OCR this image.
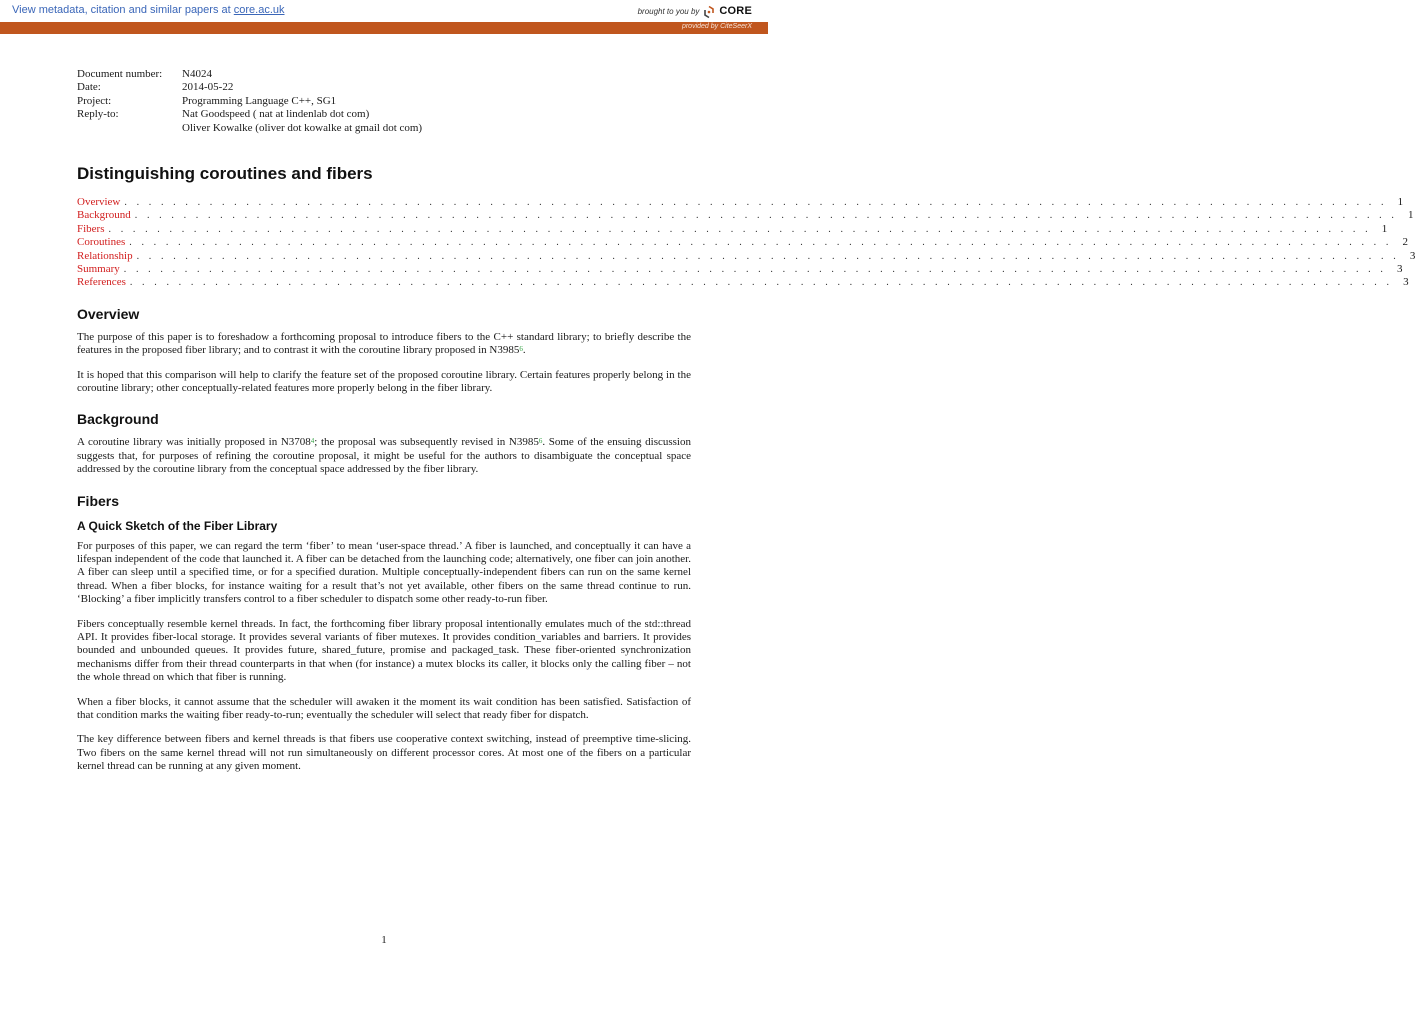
View metadata, citation and similar papers at core.ac.uk	brought to you by CORE
provided by CiteSeerX
Document number:	N4024
Date:	2014-05-22
Project:	Programming Language C++, SG1
Reply-to:	Nat Goodspeed ( nat at lindenlab dot com)
Oliver Kowalke (oliver dot kowalke at gmail dot com)
Distinguishing coroutines and fibers
Overview . . . . . . . . . . . . . . . . . . . . . . . . . . . . . . . . . . . . . . . . . . . . . . . . . . . . . . . . . . . . . . . . . . . . . . . . . . . . . . . . . . . . . . . . . . . . . . . . . . . . . . . . 1
Background . . . . . . . . . . . . . . . . . . . . . . . . . . . . . . . . . . . . . . . . . . . . . . . . . . . . . . . . . . . . . . . . . . . . . . . . . . . . . . . . . . . . . . . . . . . . . . . . . . . . . . . . 1
Fibers . . . . . . . . . . . . . . . . . . . . . . . . . . . . . . . . . . . . . . . . . . . . . . . . . . . . . . . . . . . . . . . . . . . . . . . . . . . . . . . . . . . . . . . . . . . . . . . . . . . . . . . . 1
Coroutines . . . . . . . . . . . . . . . . . . . . . . . . . . . . . . . . . . . . . . . . . . . . . . . . . . . . . . . . . . . . . . . . . . . . . . . . . . . . . . . . . . . . . . . . . . . . . . . . . . . . . . . . 2
Relationship . . . . . . . . . . . . . . . . . . . . . . . . . . . . . . . . . . . . . . . . . . . . . . . . . . . . . . . . . . . . . . . . . . . . . . . . . . . . . . . . . . . . . . . . . . . . . . . . . . . . . . . . 3
Summary . . . . . . . . . . . . . . . . . . . . . . . . . . . . . . . . . . . . . . . . . . . . . . . . . . . . . . . . . . . . . . . . . . . . . . . . . . . . . . . . . . . . . . . . . . . . . . . . . . . . . . . . 3
References . . . . . . . . . . . . . . . . . . . . . . . . . . . . . . . . . . . . . . . . . . . . . . . . . . . . . . . . . . . . . . . . . . . . . . . . . . . . . . . . . . . . . . . . . . . . . . . . . . . . . . . . 3
Overview

The purpose of this paper is to foreshadow a forthcoming proposal to introduce fibers to the C++ standard library; to briefly describe the features in the proposed fiber library; and to contrast it with the coroutine library proposed in N3985$^6$.

It is hoped that this comparison will help to clarify the feature set of the proposed coroutine library. Certain features properly belong in the coroutine library; other conceptually-related features more properly belong in the fiber library.

Background

A coroutine library was initially proposed in N3708$^4$; the proposal was subsequently revised in N3985$^6$. Some of the ensuing discussion suggests that, for purposes of refining the coroutine proposal, it might be useful for the authors to disambiguate the conceptual space addressed by the coroutine library from the conceptual space addressed by the fiber library.

Fibers
A Quick Sketch of the Fiber Library

For purposes of this paper, we can regard the term ‘fiber’ to mean ‘user-space thread.’ A fiber is launched, and conceptually it can have a lifespan independent of the code that launched it. A fiber can be detached from the launching code; alternatively, one fiber can join another. A fiber can sleep until a specified time, or for a specified duration. Multiple conceptually-independent fibers can run on the same kernel thread. When a fiber blocks, for instance waiting for a result that’s not yet available, other fibers on the same thread continue to run. ‘Blocking’ a fiber implicitly transfers control to a fiber scheduler to dispatch some other ready-to-run fiber.

Fibers conceptually resemble kernel threads. In fact, the forthcoming fiber library proposal intentionally emulates much of the std::thread API. It provides fiber-local storage. It provides several variants of fiber mutexes. It provides condition_variables and barriers. It provides bounded and unbounded queues. It provides future, shared_future, promise and packaged_task. These fiber-oriented synchronization mechanisms differ from their thread counterparts in that when (for instance) a mutex blocks its caller, it blocks only the calling fiber – not the whole thread on which that fiber is running.

When a fiber blocks, it cannot assume that the scheduler will awaken it the moment its wait condition has been satisfied. Satisfaction of that condition marks the waiting fiber ready-to-run; eventually the scheduler will select that ready fiber for dispatch.

The key difference between fibers and kernel threads is that fibers use cooperative context switching, instead of preemptive time-slicing. Two fibers on the same kernel thread will not run simultaneously on different processor cores. At most one of the fibers on a particular kernel thread can be running at any given moment.

1
